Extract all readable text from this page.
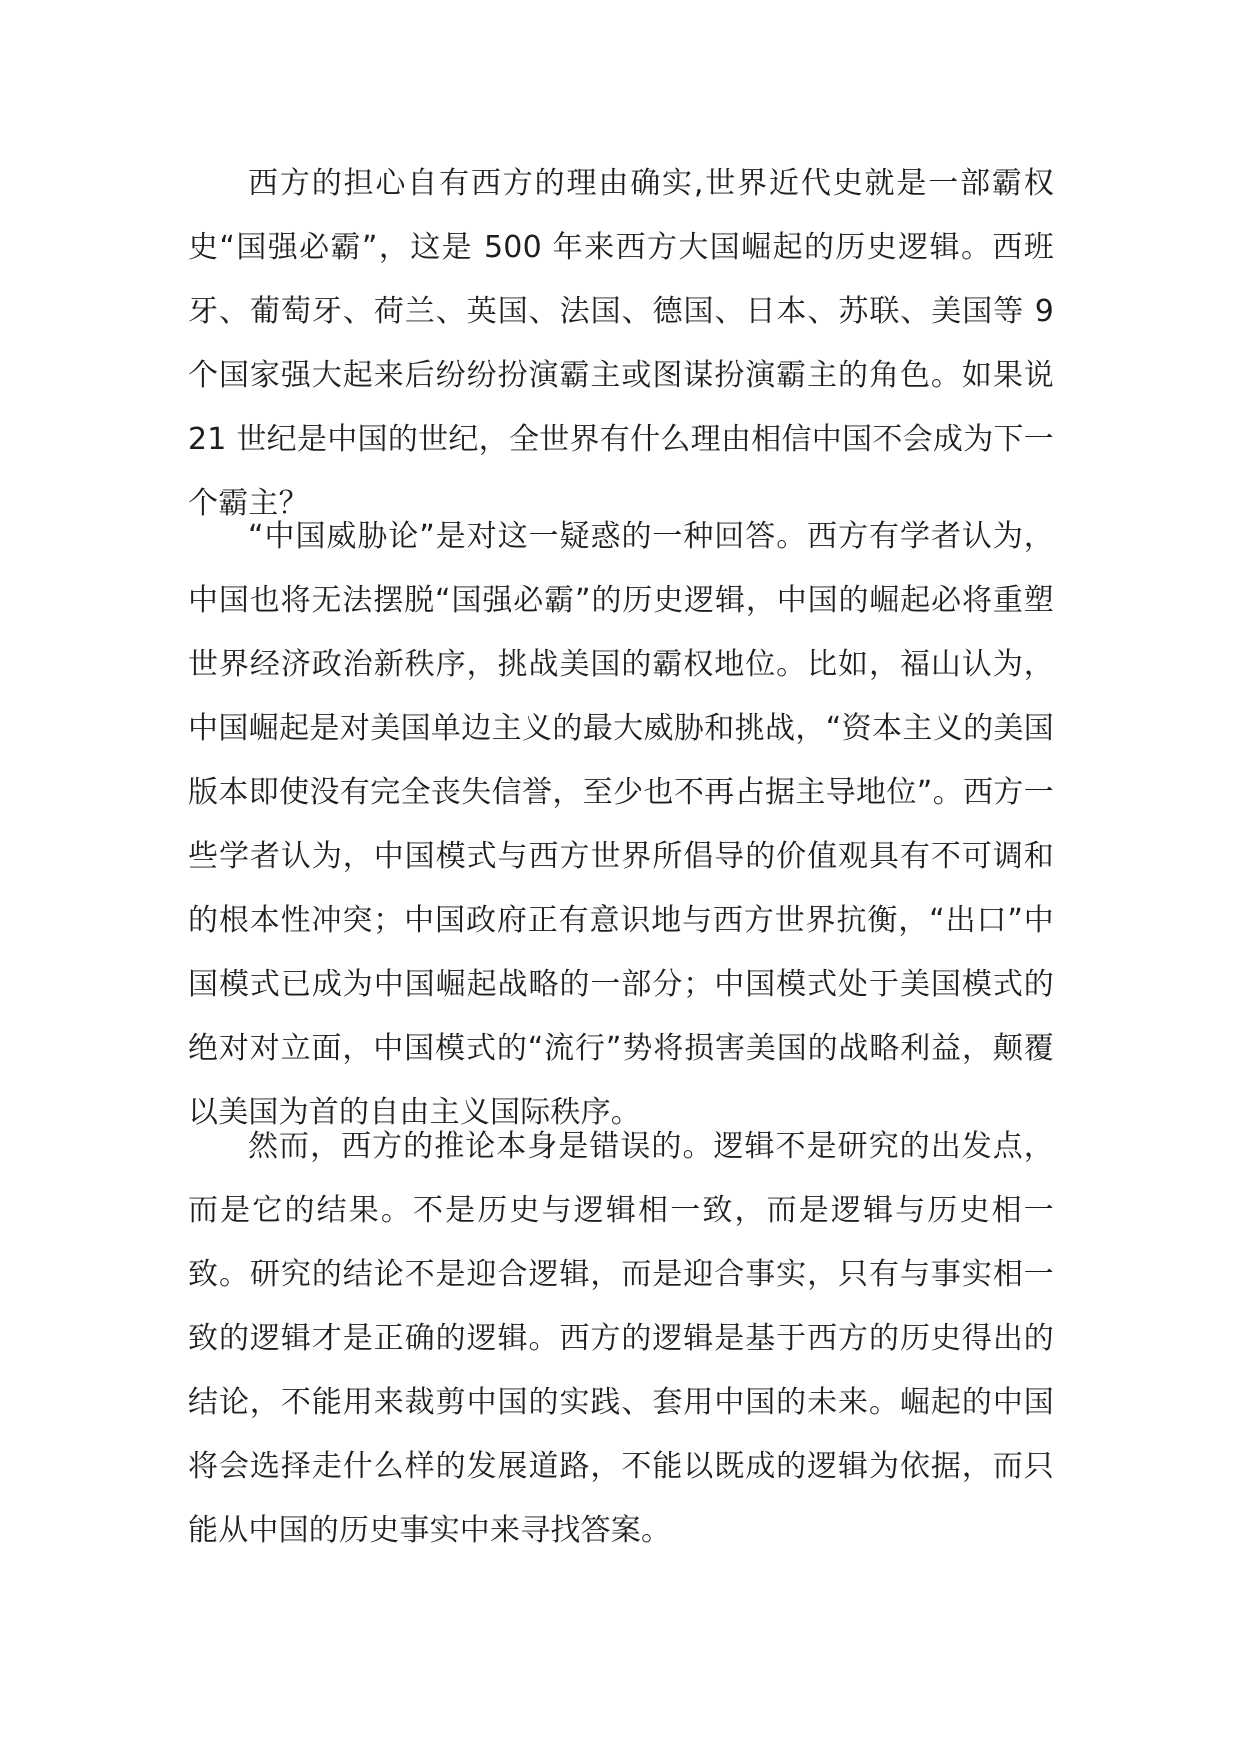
西方的担心自有西方的理由确实,世界近代史就是一部霸权史“国强必霸”，这是 500 年来西方大国崛起的历史逻辑。西班牙、葡萄牙、荷兰、英国、法国、德国、日本、苏联、美国等 9 个国家强大起来后纷纷扮演霸主或图谋扮演霸主的角色。如果说 21 世纪是中国的世纪，全世界有什么理由相信中国不会成为下一个霸主？

“中国威胁论”是对这一疑惑的一种回答。西方有学者认为，中国也将无法摆脱“国强必霸”的历史逻辑，中国的崛起必将重塑世界经济政治新秩序，挑战美国的霸权地位。比如，福山认为，中国崛起是对美国单边主义的最大威胁和挑战，“资本主义的美国版本即使没有完全丧失信誉，至少也不再占据主导地位”。西方一些学者认为，中国模式与西方世界所倡导的价值观具有不可调和的根本性冲突；中国政府正有意识地与西方世界抗衡，“出口”中国模式已成为中国崛起战略的一部分；中国模式处于美国模式的绝对对立面，中国模式的“流行”势将损害美国的战略利益，颠覆以美国为首的自由主义国际秩序。

然而，西方的推论本身是错误的。逻辑不是研究的出发点，而是它的结果。不是历史与逻辑相一致，而是逻辑与历史相一致。研究的结论不是迎合逻辑，而是迎合事实，只有与事实相一致的逻辑才是正确的逻辑。西方的逻辑是基于西方的历史得出的结论，不能用来裁剪中国的实践、套用中国的未来。崛起的中国将会选择走什么样的发展道路，不能以既成的逻辑为依据，而只能从中国的历史事实中来寻找答案。
